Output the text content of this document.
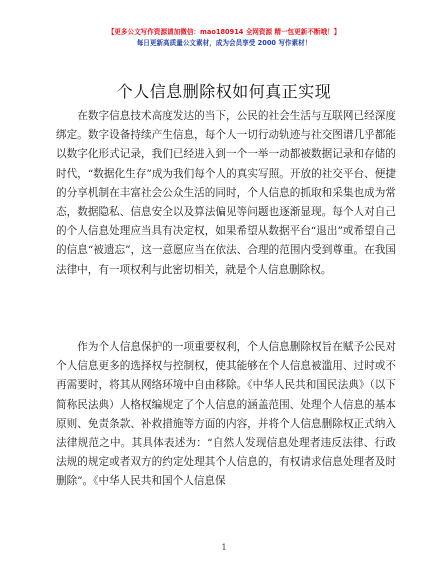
【更多公文写作资源请加微信：mao180914 全网资源 精一包更新不断哦！】
每日更新高质量公文素材，成为会员享受 2000 写作素材！
个人信息删除权如何真正实现

在数字信息技术高度发达的当下，公民的社会生活与互联网已经深度绑定。数字设备持续产生信息，每个人一切行动轨迹与社交图谱几乎都能以数字化形式记录，我们已经进入到一个一举一动都被数据记录和存储的时代，“数据化生存”成为我们每个人的真实写照。开放的社交平台、便捷的分享机制在丰富社会公众生活的同时，个人信息的抓取和采集也成为常态，数据隐私、信息安全以及算法偏见等问题也逐渐显现。每个人对自己的个人信息处理应当具有决定权，如果希望从数据平台“退出”或希望自己的信息“被遗忘”，这一意愿应当在依法、合理的范围内受到尊重。在我国法律中，有一项权利与此密切相关，就是个人信息删除权。

作为个人信息保护的一项重要权利，个人信息删除权旨在赋予公民对个人信息更多的选择权与控制权，使其能够在个人信息被滥用、过时或不再需要时，将其从网络环境中自由移除。《中华人民共和国民法典》（以下简称民法典）人格权编规定了个人信息的涵盖范围、处理个人信息的基本原则、免责条款、补救措施等方面的内容，并将个人信息删除权正式纳入法律规范之中。其具体表述为：“自然人发现信息处理者违反法律、行政法规的规定或者双方的约定处理其个人信息的，有权请求信息处理者及时删除”。《中华人民共和国个人信息保

1
